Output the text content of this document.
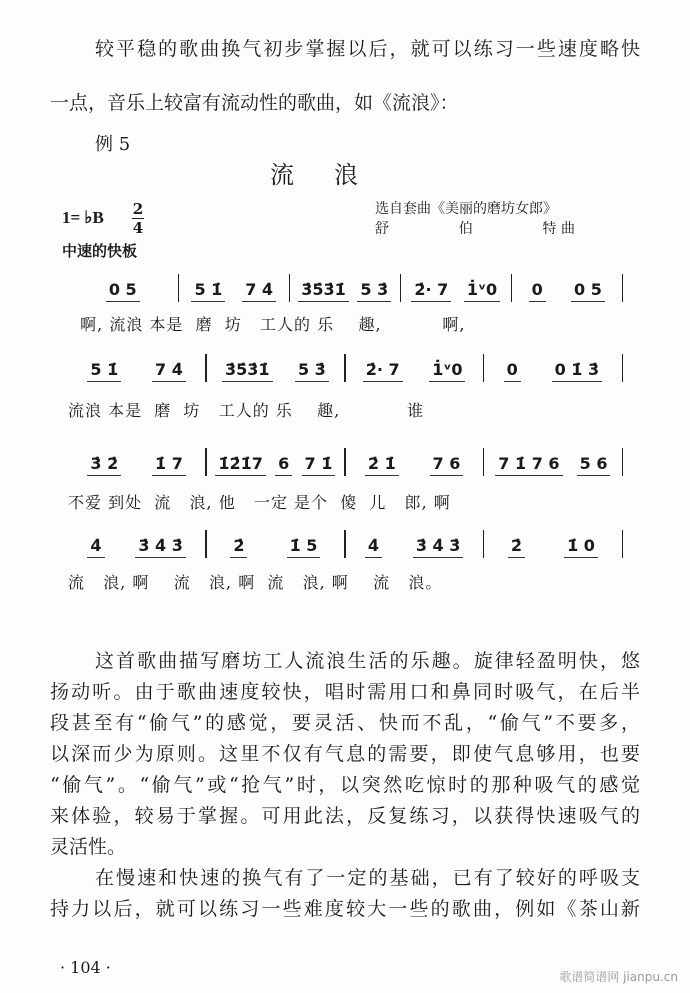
较平稳的歌曲换气初步掌握以后，就可以练习一些速度略快
一点，音乐上较富有流动性的歌曲，如《流浪》：
例 5
流浪
1= ♭B 2
4
中速的快板
选自套曲《美丽的磨坊女郎》
舒	伯	特 曲
0 5	5 1̇ 7 4̇ 3̇5̇3̇1̇ 5 3̇ 2̇· 7 1̇ᵛ0 0 0 5
啊, 流浪 本是  磨  坊   工人的 乐    趣,          啊,
5 1̇ 7 4̇	3̇5̇3̇1̇ 5 3̇ 2̇· 7 1̇ᵛ0	0 0 1̇ 3̇
流浪 本是  磨  坊   工人的 乐    趣,           谁
3̇ 2̇ 1̇ 7 1̇2̇1̇7 6 7 1̇ 2̇ 1̇ 7 6 7 1̇ 7 6 5 6
不爱 到处  流   浪, 他   一定 是个  傻  儿   郎, 啊
4̇ 3̇ 4̇ 3̇	2̇	1̇ 5	4̇ 3̇ 4̇ 3̇	2̇	1̇ 0
流   浪, 啊    流   浪, 啊  流   浪, 啊    流   浪。
这首歌曲描写磨坊工人流浪生活的乐趣。旋律轻盈明快，悠
扬动听。由于歌曲速度较快，唱时需用口和鼻同时吸气，在后半
段甚至有“偷气”的感觉，要灵活、快而不乱，“偷气”不要多，
以深而少为原则。这里不仅有气息的需要，即使气息够用，也要
“偷气”。“偷气”或“抢气”时，以突然吃惊时的那种吸气的感觉
来体验，较易于掌握。可用此法，反复练习，以获得快速吸气的
灵活性。
在慢速和快速的换气有了一定的基础，已有了较好的呼吸支
持力以后，就可以练习一些难度较大一些的歌曲，例如《茶山新
· 104 ·	歌谱简谱网 jianpu.cn
